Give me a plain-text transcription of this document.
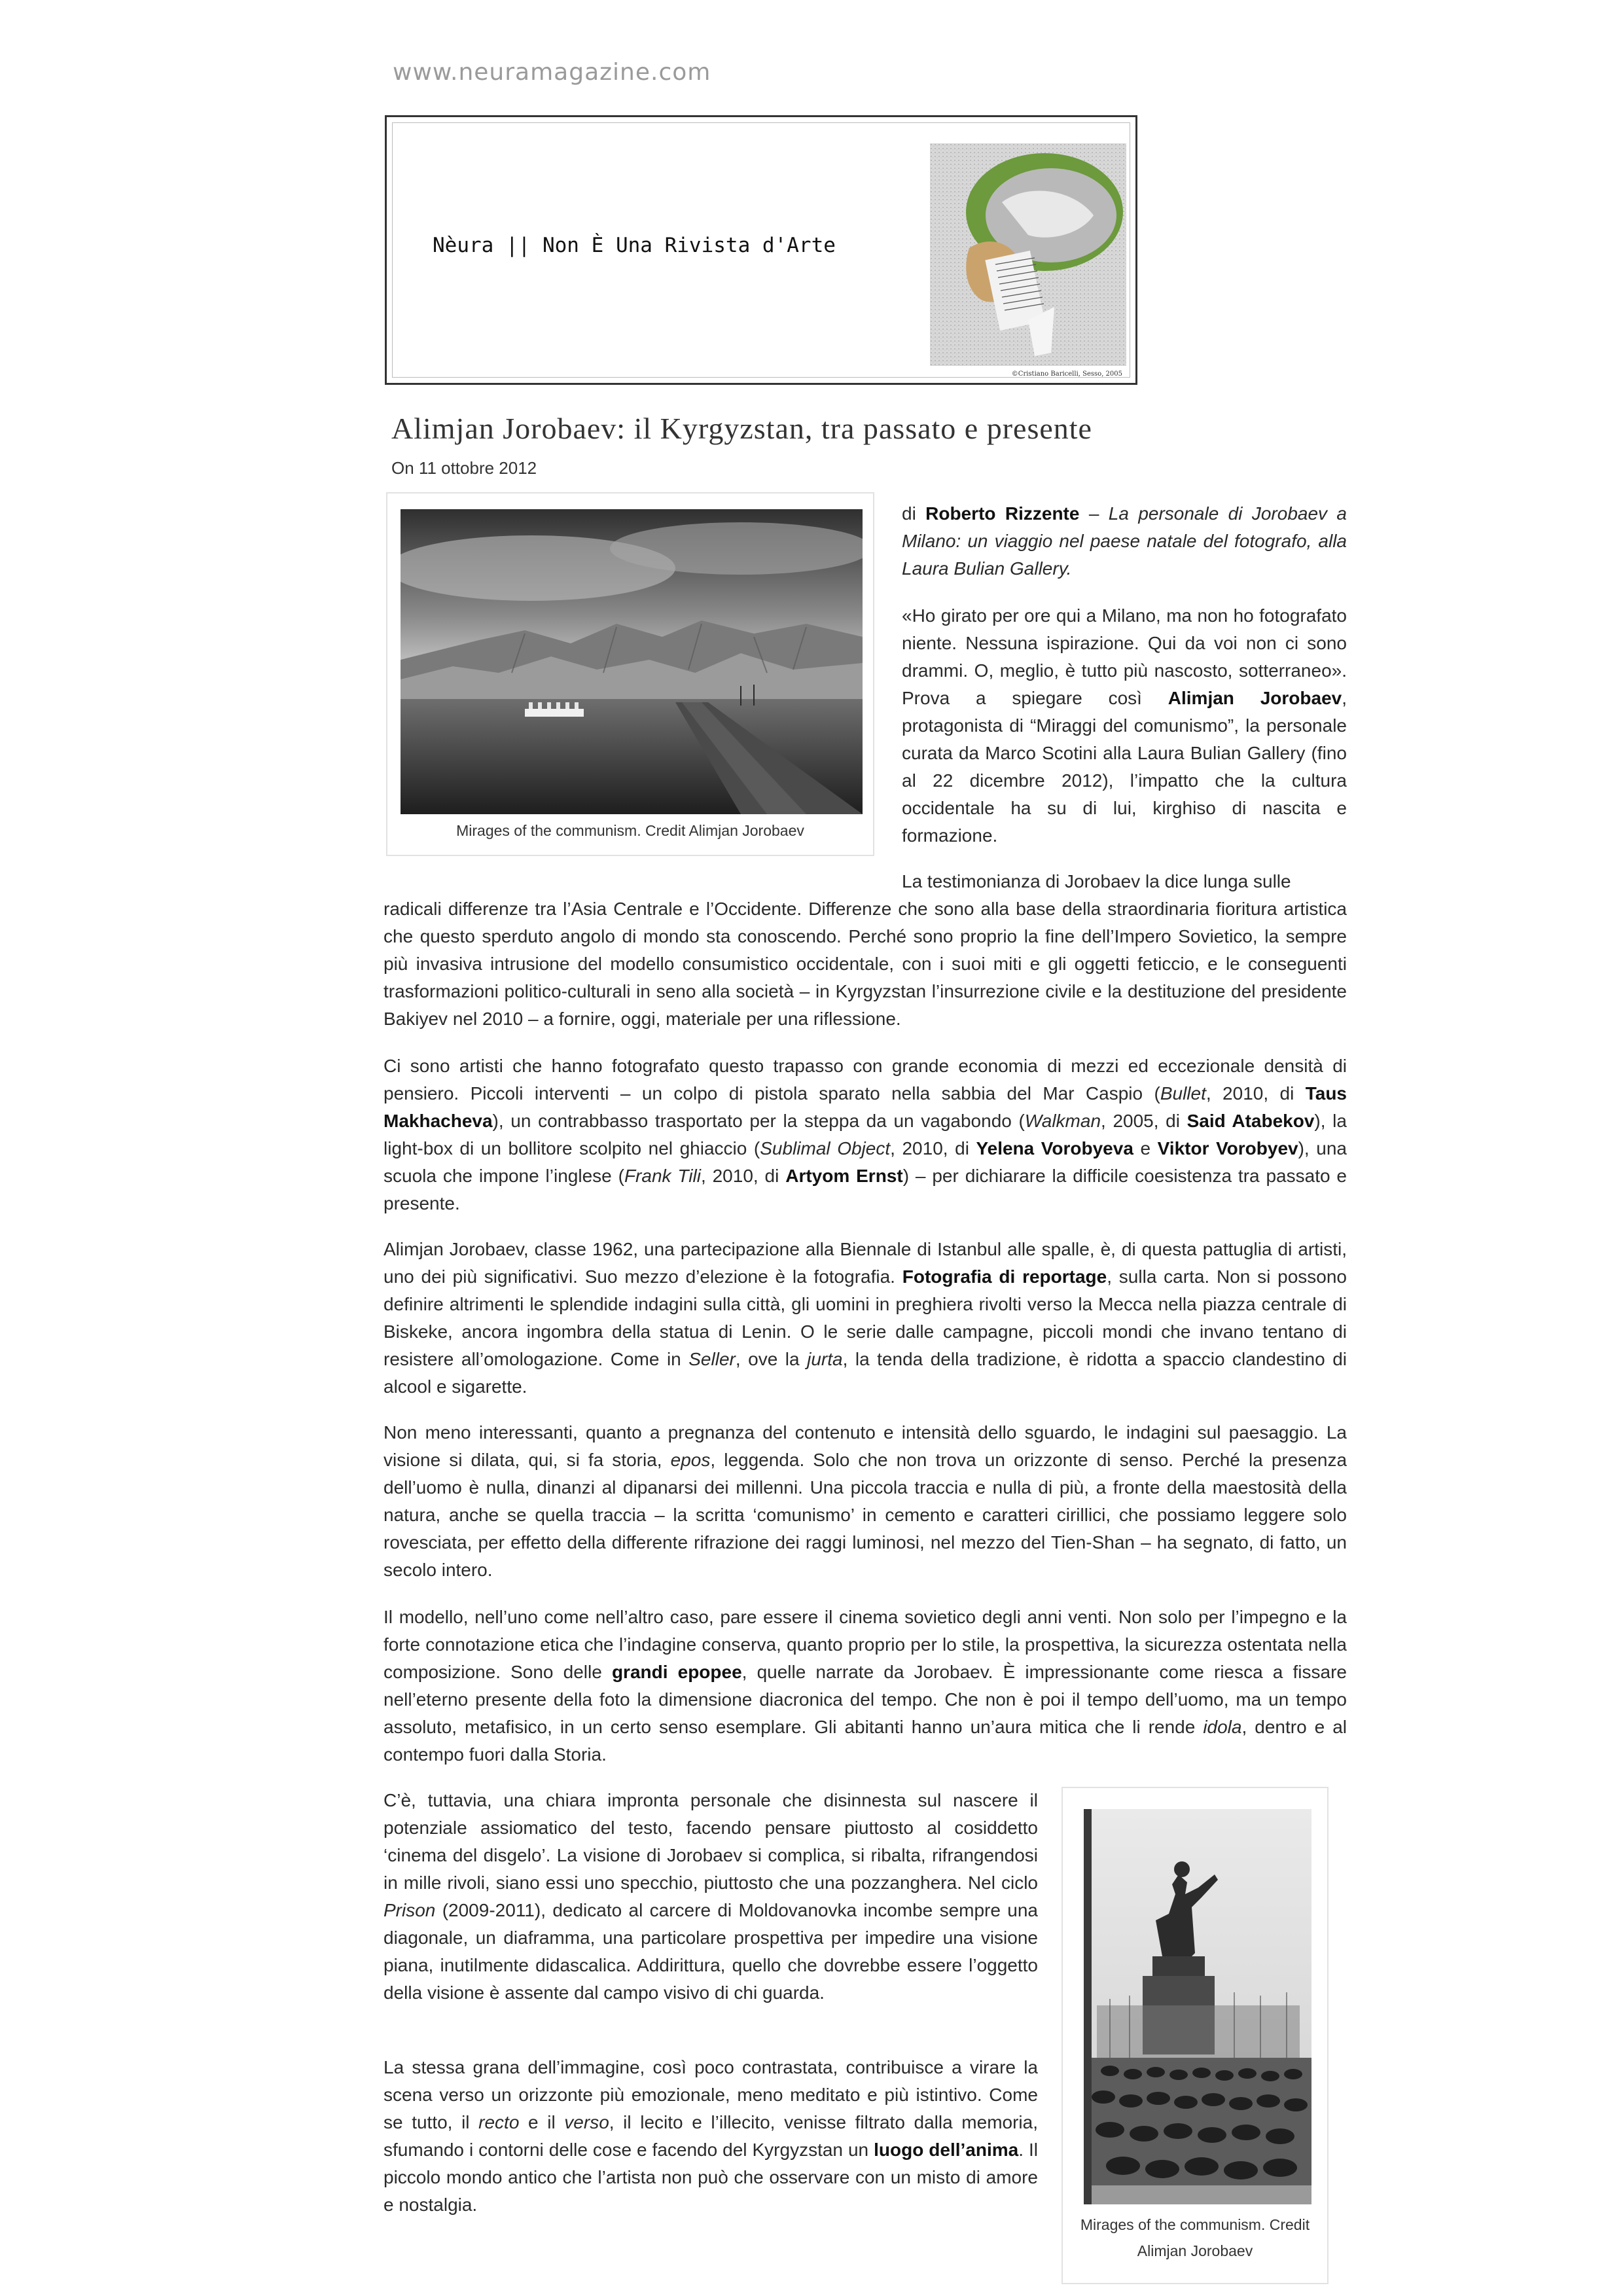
www.neuramagazine.com
Nèura || Non È Una Rivista d'Arte
©Cristiano Baricelli, Sesso, 2005
Alimjan Jorobaev: il Kyrgyzstan, tra passato e presente
On 11 ottobre 2012
Mirages of the communism. Credit Alimjan Jorobaev
Mirages of the communism. Credit
Alimjan Jorobaev

di Roberto Rizzente – La personale di Jorobaev a Milano: un viaggio nel paese natale del fotografo, alla Laura Bulian Gallery.

«Ho girato per ore qui a Milano, ma non ho fotografato niente. Nessuna ispirazione. Qui da voi non ci sono drammi. O, meglio, è tutto più nascosto, sotterraneo». Prova a spiegare così Alimjan Jorobaev, protagonista di “Miraggi del comunismo”, la personale curata da Marco Scotini alla Laura Bulian Gallery (fino al 22 dicembre 2012), l’impatto che la cultura occidentale ha su di lui, kirghiso di nascita e formazione.

La testimonianza di Jorobaev la dice lunga sulle

radicali differenze tra l’Asia Centrale e l’Occidente. Differenze che sono alla base della straordinaria fioritura artistica che questo sperduto angolo di mondo sta conoscendo. Perché sono proprio la fine dell’Impero Sovietico, la sempre più invasiva intrusione del modello consumistico occidentale, con i suoi miti e gli oggetti feticcio, e le conseguenti trasformazioni politico-culturali in seno alla società – in Kyrgyzstan l’insurrezione civile e la destituzione del presidente Bakiyev nel 2010 – a fornire, oggi, materiale per una riflessione.

Ci sono artisti che hanno fotografato questo trapasso con grande economia di mezzi ed eccezionale densità di pensiero. Piccoli interventi – un colpo di pistola sparato nella sabbia del Mar Caspio (Bullet, 2010, di Taus Makhacheva), un contrabbasso trasportato per la steppa da un vagabondo (Walkman, 2005, di Said Atabekov), la light-box di un bollitore scolpito nel ghiaccio (Sublimal Object, 2010, di Yelena Vorobyeva e Viktor Vorobyev), una scuola che impone l’inglese (Frank Tili, 2010, di Artyom Ernst) – per dichiarare la difficile coesistenza tra passato e presente.

Alimjan Jorobaev, classe 1962, una partecipazione alla Biennale di Istanbul alle spalle, è, di questa pattuglia di artisti, uno dei più significativi. Suo mezzo d’elezione è la fotografia. Fotografia di reportage, sulla carta. Non si possono definire altrimenti le splendide indagini sulla città, gli uomini in preghiera rivolti verso la Mecca nella piazza centrale di Biskeke, ancora ingombra della statua di Lenin. O le serie dalle campagne, piccoli mondi che invano tentano di resistere all’omologazione. Come in Seller, ove la jurta, la tenda della tradizione, è ridotta a spaccio clandestino di alcool e sigarette.

Non meno interessanti, quanto a pregnanza del contenuto e intensità dello sguardo, le indagini sul paesaggio. La visione si dilata, qui, si fa storia, epos, leggenda. Solo che non trova un orizzonte di senso. Perché la presenza dell’uomo è nulla, dinanzi al dipanarsi dei millenni. Una piccola traccia e nulla di più, a fronte della maestosità della natura, anche se quella traccia – la scritta ‘comunismo’ in cemento e caratteri cirillici, che possiamo leggere solo rovesciata, per effetto della differente rifrazione dei raggi luminosi, nel mezzo del Tien-Shan – ha segnato, di fatto, un secolo intero.

Il modello, nell’uno come nell’altro caso, pare essere il cinema sovietico degli anni venti. Non solo per l’impegno e la forte connotazione etica che l’indagine conserva, quanto proprio per lo stile, la prospettiva, la sicurezza ostentata nella composizione. Sono delle grandi epopee, quelle narrate da Jorobaev. È impressionante come riesca a fissare nell’eterno presente della foto la dimensione diacronica del tempo. Che non è poi il tempo dell’uomo, ma un tempo assoluto, metafisico, in un certo senso esemplare. Gli abitanti hanno un’aura mitica che li rende idola, dentro e al contempo fuori dalla Storia.

C’è, tuttavia, una chiara impronta personale che disinnesta sul nascere il potenziale assiomatico del testo, facendo pensare piuttosto al cosiddetto ‘cinema del disgelo’. La visione di Jorobaev si complica, si ribalta, rifrangendosi in mille rivoli, siano essi uno specchio, piuttosto che una pozzanghera. Nel ciclo Prison (2009-2011), dedicato al carcere di Moldovanovka incombe sempre una diagonale, un diaframma, una particolare prospettiva per impedire una visione piana, inutilmente didascalica. Addirittura, quello che dovrebbe essere l’oggetto della visione è assente dal campo visivo di chi guarda.

La stessa grana dell’immagine, così poco contrastata, contribuisce a virare la scena verso un orizzonte più emozionale, meno meditato e più istintivo. Come se tutto, il recto e il verso, il lecito e l’illecito, venisse filtrato dalla memoria, sfumando i contorni delle cose e facendo del Kyrgyzstan un luogo dell’anima. Il piccolo mondo antico che l’artista non può che osservare con un misto di amore e nostalgia.
